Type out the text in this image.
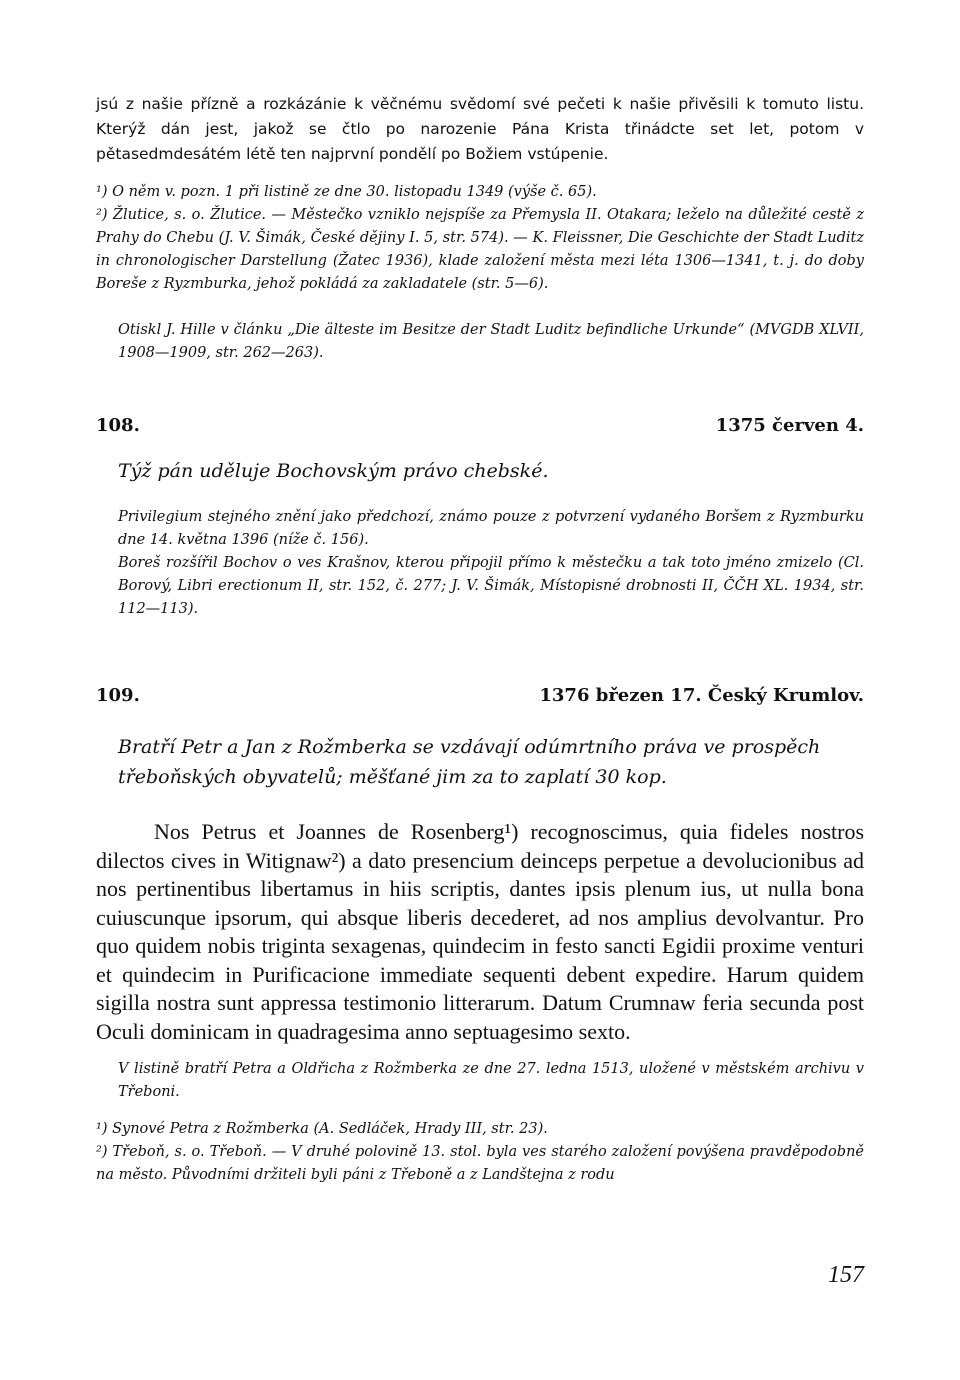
jsú z našie přízně a rozkázánie k věčnému svědomí své pečeti k našie přivěsili k tomuto listu. Kterýž dán jest, jakož se čtlo po narozenie Pána Krista třinádcte set let, potom v pětasedmdesátém létě ten najprvní pondělí po Božiem vstúpenie.

¹) O něm v. pozn. 1 při listině ze dne 30. listopadu 1349 (výše č. 65).

²) Žlutice, s. o. Žlutice. — Městečko vzniklo nejspíše za Přemysla II. Otakara; leželo na důležité cestě z Prahy do Chebu (J. V. Šimák, České dějiny I. 5, str. 574). — K. Fleissner, Die Geschichte der Stadt Luditz in chronologischer Darstellung (Žatec 1936), klade založení města mezi léta 1306—1341, t. j. do doby Boreše z Ryzmburka, jehož pokládá za zakladatele (str. 5—6).

Otiskl J. Hille v článku „Die älteste im Besitze der Stadt Luditz befindliche Urkunde“ (MVGDB XLVII, 1908—1909, str. 262—263).

108.	1375 červen 4.

Týž pán uděluje Bochovským právo chebské.

Privilegium stejného znění jako předchozí, známo pouze z potvrzení vydaného Boršem z Ryzmburku dne 14. května 1396 (níže č. 156).

Boreš rozšířil Bochov o ves Krašnov, kterou připojil přímo k městečku a tak toto jméno zmizelo (Cl. Borový, Libri erectionum II, str. 152, č. 277; J. V. Šimák, Místopisné drobnosti II, ČČH XL. 1934, str. 112—113).

109.	1376 březen 17. Český Krumlov.

Bratří Petr a Jan z Rožmberka se vzdávají odúmrtního práva ve prospěch třeboňských obyvatelů; měšťané jim za to zaplatí 30 kop.

Nos Petrus et Joannes de Rosenberg¹) recognoscimus, quia fideles nostros dilectos cives in Witignaw²) a dato presencium deinceps perpetue a devolucionibus ad nos pertinentibus libertamus in hiis scriptis, dantes ipsis plenum ius, ut nulla bona cuiuscunque ipsorum, qui absque liberis decederet, ad nos amplius devolvantur. Pro quo quidem nobis triginta sexagenas, quindecim in festo sancti Egidii proxime venturi et quindecim in Purificacione immediate sequenti debent expedire. Harum quidem sigilla nostra sunt appressa testimonio litterarum. Datum Crumnaw feria secunda post Oculi dominicam in quadragesima anno septuagesimo sexto.

V listině bratří Petra a Oldřicha z Rožmberka ze dne 27. ledna 1513, uložené v městském archivu v Třeboni.

¹) Synové Petra z Rožmberka (A. Sedláček, Hrady III, str. 23).

²) Třeboň, s. o. Třeboň. — V druhé polovině 13. stol. byla ves starého založení povýšena pravděpodobně na město. Původními držiteli byli páni z Třeboně a z Landštejna z rodu

157
